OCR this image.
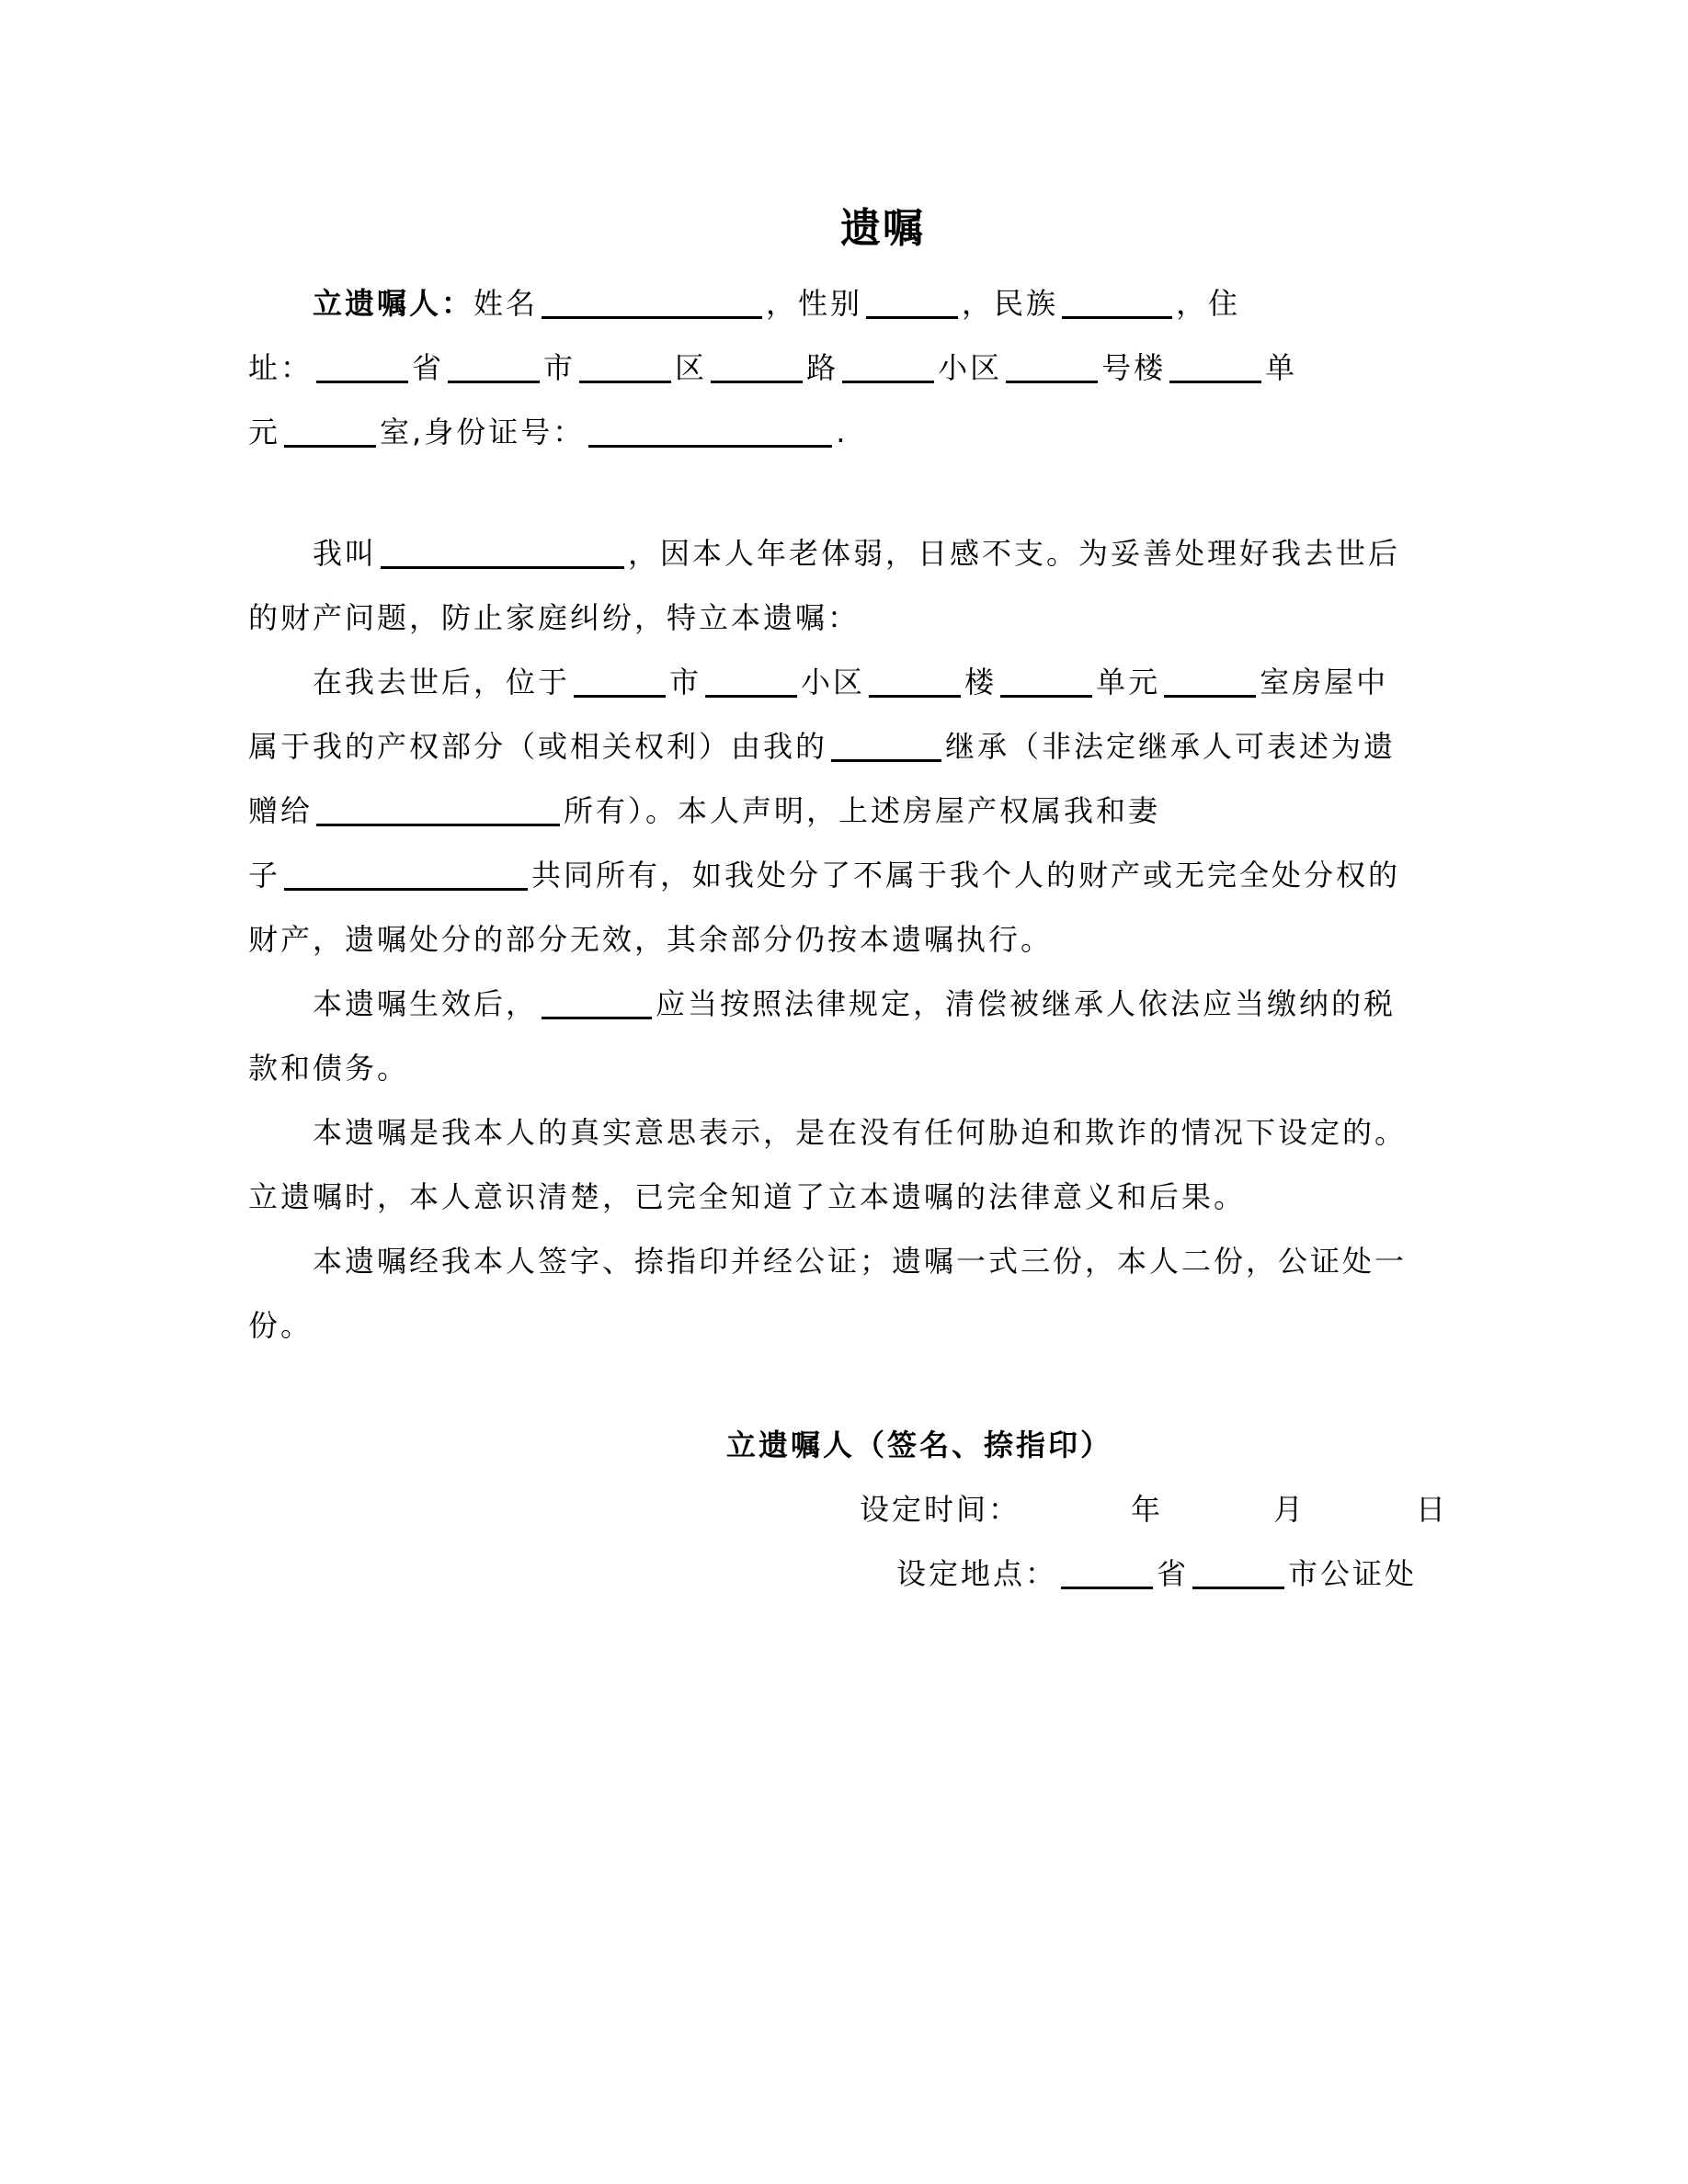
遗嘱
立遗嘱人：姓名	，性别	，民族	，住
址：	省	市	区	路	小区	号楼	单
元	室,身份证号：	.
我叫	，因本人年老体弱，日感不支。为妥善处理好我去世后
的财产问题，防止家庭纠纷，特立本遗嘱：
在我去世后，位于	市	小区	楼	单元	室房屋中
属于我的产权部分（或相关权利）由我的	继承（非法定继承人可表述为遗
赠给	所有）。本人声明，上述房屋产权属我和妻
子	共同所有，如我处分了不属于我个人的财产或无完全处分权的
财产，遗嘱处分的部分无效，其余部分仍按本遗嘱执行。
本遗嘱生效后，	应当按照法律规定，清偿被继承人依法应当缴纳的税
款和债务。
本遗嘱是我本人的真实意思表示，是在没有任何胁迫和欺诈的情况下设定的。
立遗嘱时，本人意识清楚，已完全知道了立本遗嘱的法律意义和后果。
本遗嘱经我本人签字、捺指印并经公证；遗嘱一式三份，本人二份，公证处一
份。
立遗嘱人（签名、捺指印）
设定时间：	年	月	日
设定地点：	省	市公证处
